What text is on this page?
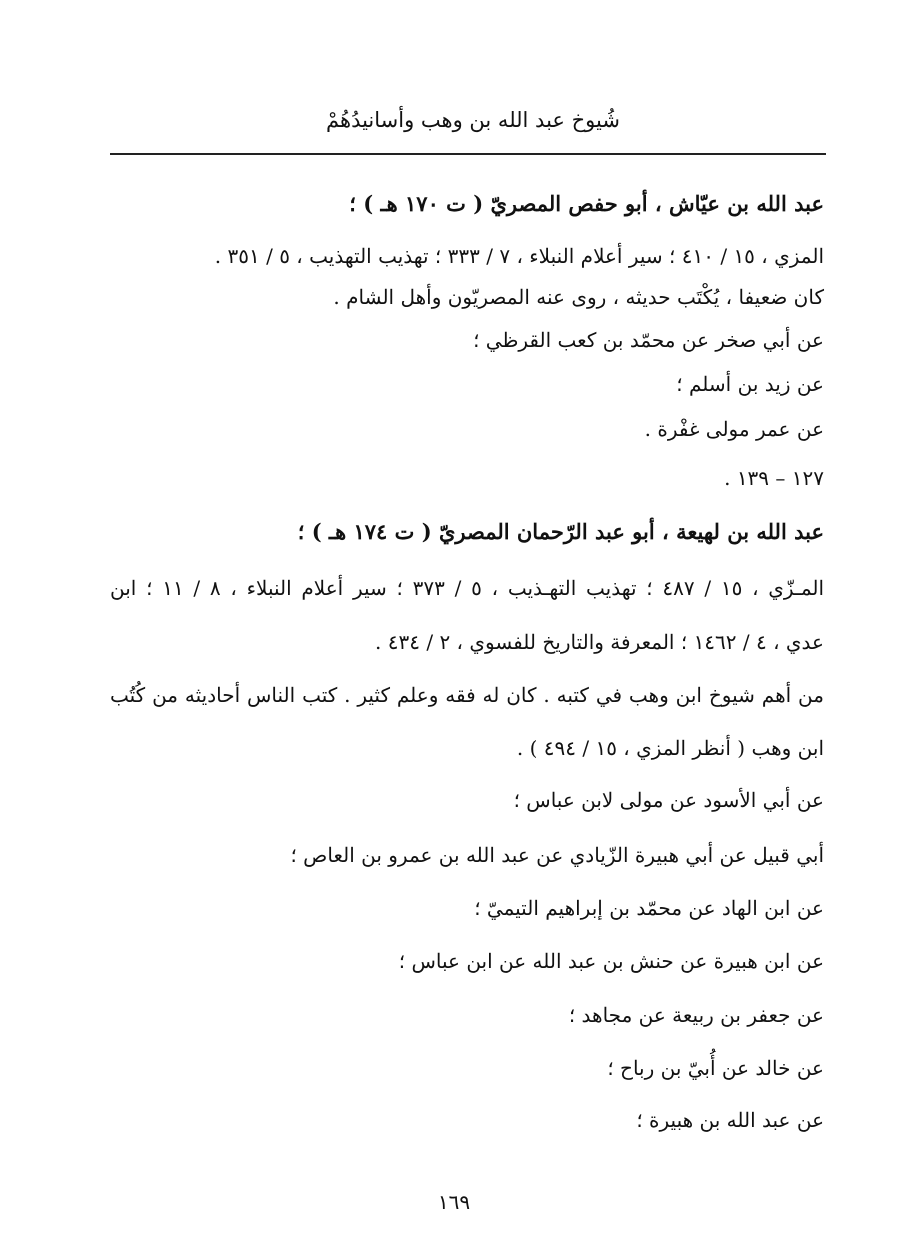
شُيوخ عبد الله بن وهب وأسانيدُهُمْ
عبد الله بن عيّاش ، أبو حفص المصريّ ( ت ١٧٠ هـ ) ؛
المزي ، ١٥ / ٤١٠ ؛ سير أعلام النبلاء ، ٧ / ٣٣٣ ؛ تهذيب التهذيب ، ٥ / ٣٥١ .
كان ضعيفا ، يُكْتَب حديثه ، روى عنه المصريّون وأهل الشام .
عن أبي صخر عن محمّد بن كعب القرظي ؛
عن زيد بن أسلم ؛
عن عمر مولى غفْرة .
١٢٧ – ١٣٩ .
عبد الله بن لهيعة ، أبو عبد الرّحمان المصريّ ( ت ١٧٤ هـ ) ؛
المـزّي ، ١٥ / ٤٨٧ ؛ تهذيب التهـذيب ، ٥ / ٣٧٣ ؛ سير أعلام النبلاء ، ٨ / ١١ ؛ ابن
عدي ، ٤ / ١٤٦٢ ؛ المعرفة والتاريخ للفسوي ، ٢ / ٤٣٤ .
من أهم شيوخ ابن وهب في كتبه . كان له فقه وعلم كثير . كتب الناس أحاديثه من كُتُب
ابن وهب ( أنظر المزي ، ١٥ / ٤٩٤ ) .
عن أبي الأسود عن مولى لابن عباس ؛
أبي قبيل عن أبي هبيرة الزّيادي عن عبد الله بن عمرو بن العاص ؛
عن ابن الهاد عن محمّد بن إبراهيم التيميّ ؛
عن ابن هبيرة عن حنش بن عبد الله عن ابن عباس ؛
عن جعفر بن ربيعة عن مجاهد ؛
عن خالد عن أُبيّ بن رباح ؛
عن عبد الله بن هبيرة ؛
١٦٩
